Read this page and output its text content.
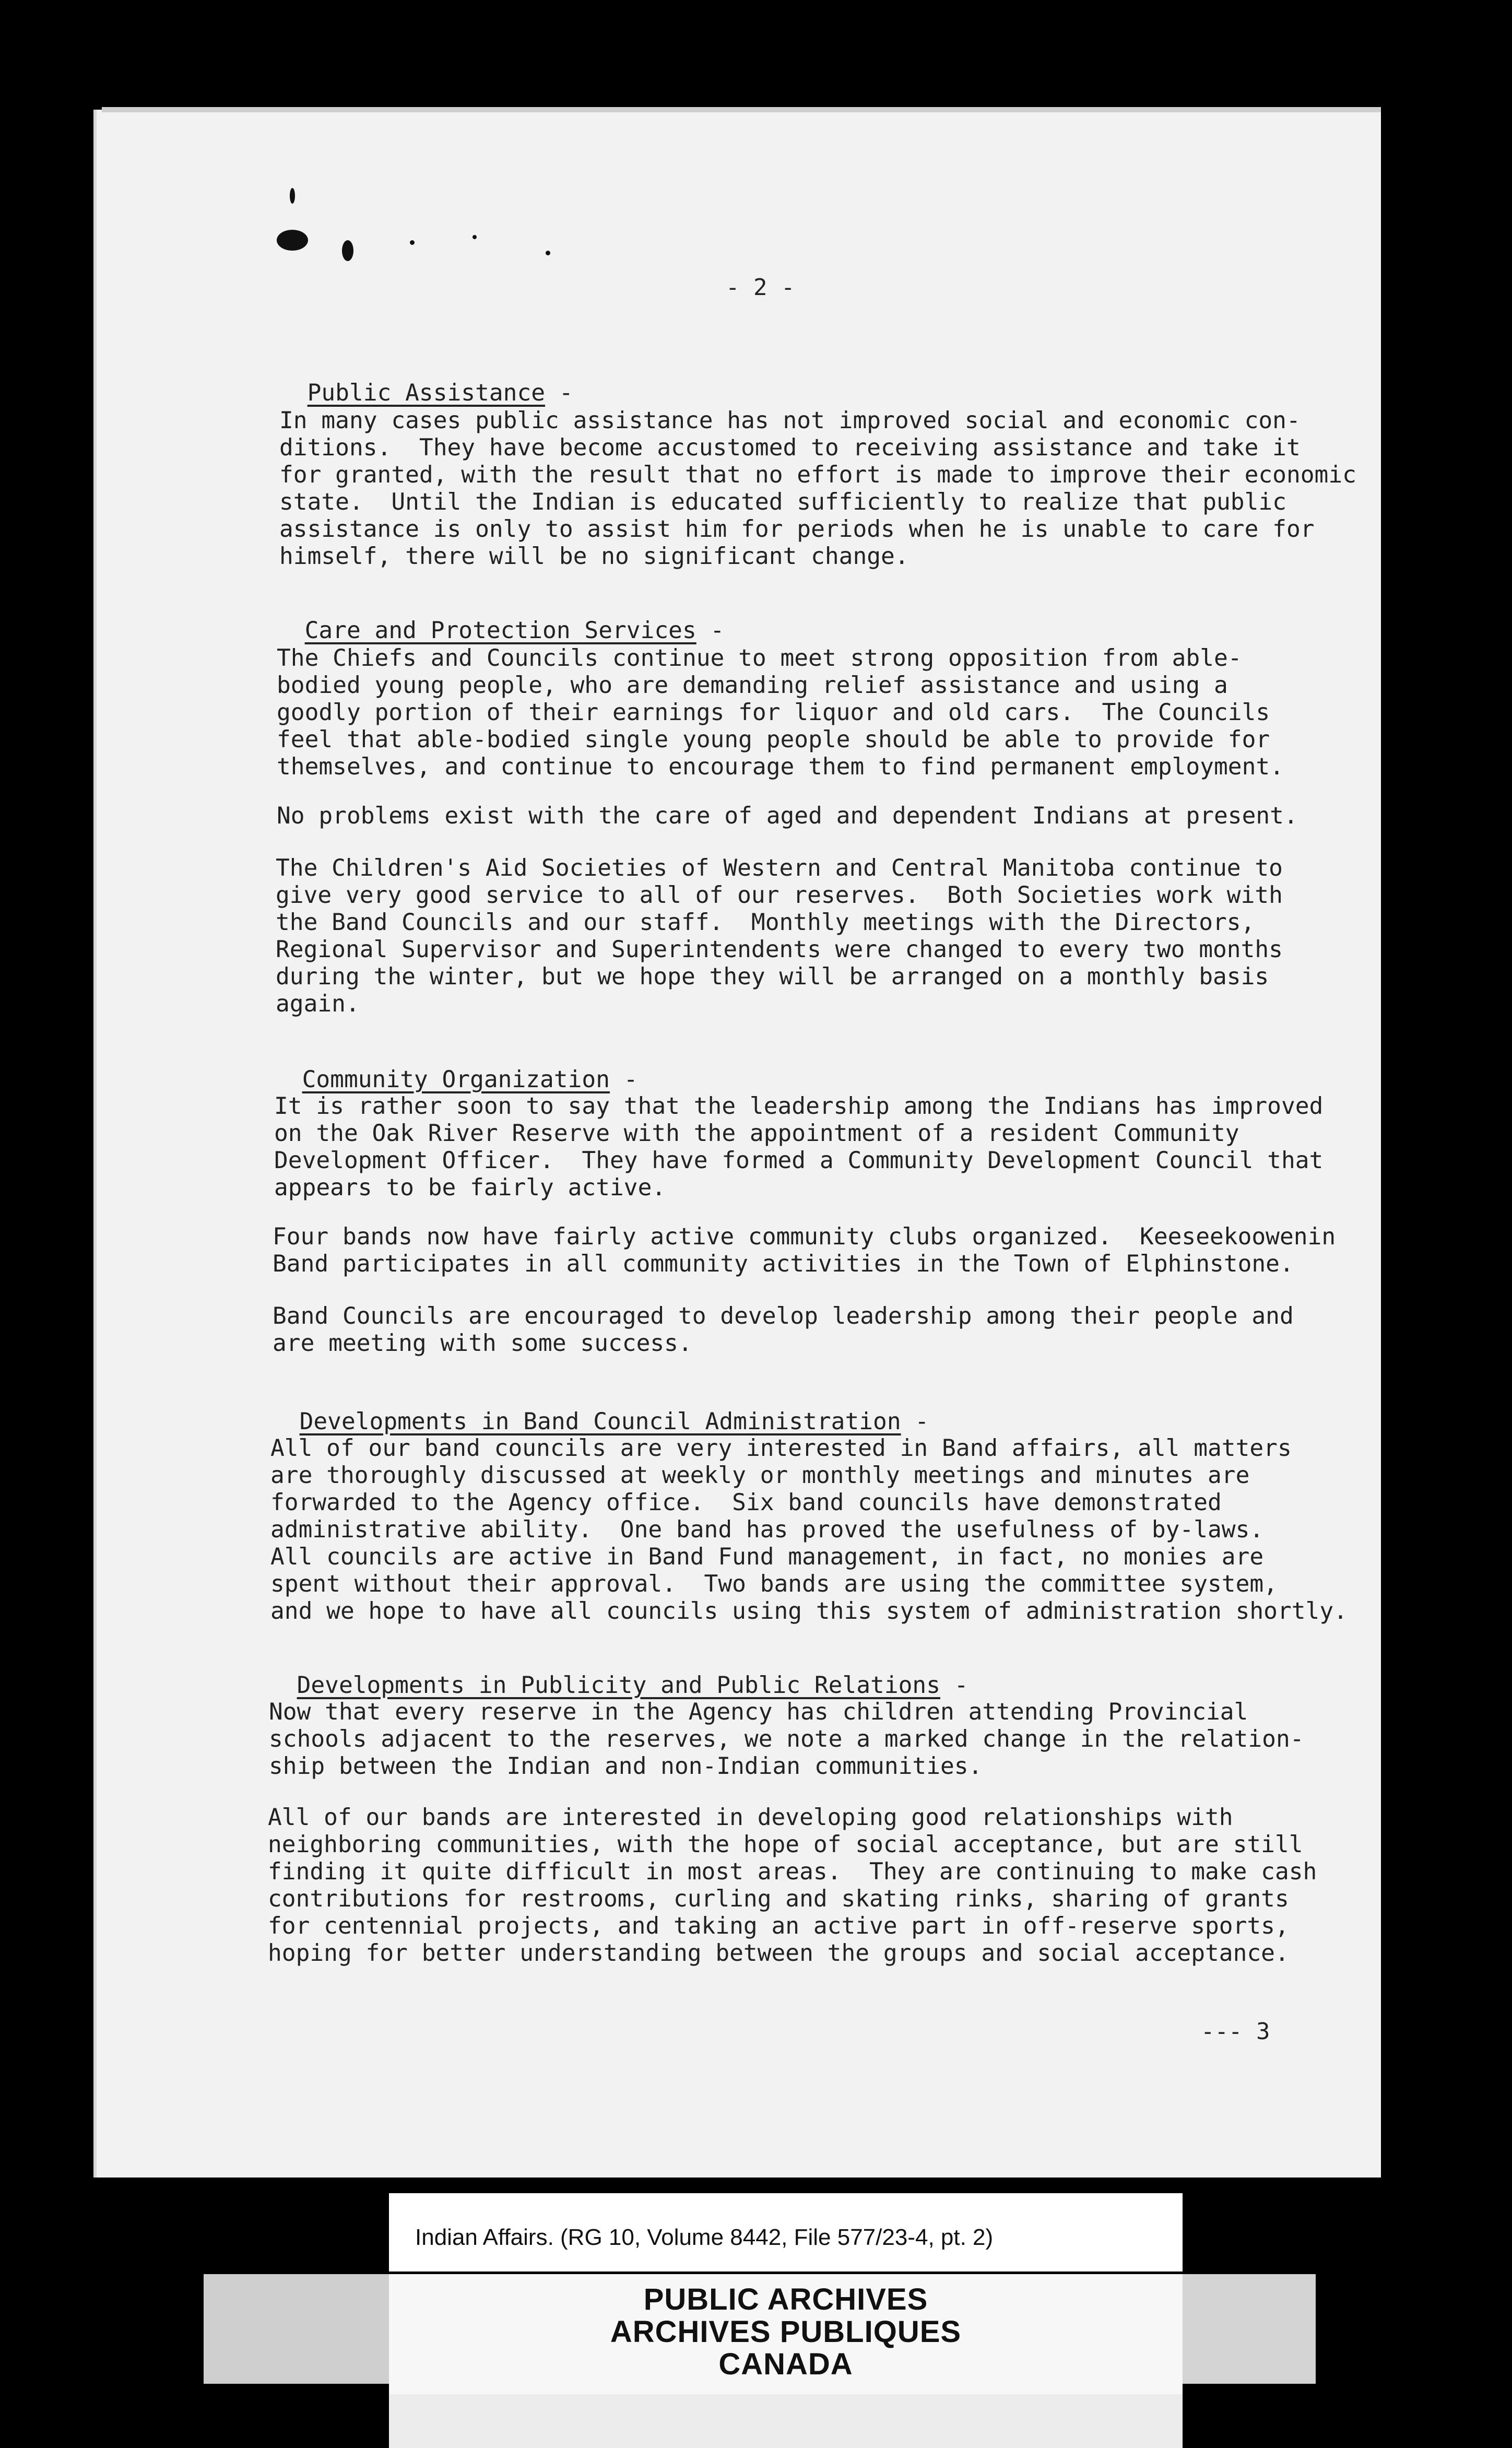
- 2 -

Public Assistance -

In many cases public assistance has not improved social and economic con-
ditions.  They have become accustomed to receiving assistance and take it
for granted, with the result that no effort is made to improve their economic
state.  Until the Indian is educated sufficiently to realize that public
assistance is only to assist him for periods when he is unable to care for
himself, there will be no significant change.

Care and Protection Services -

The Chiefs and Councils continue to meet strong opposition from able-
bodied young people, who are demanding relief assistance and using a
goodly portion of their earnings for liquor and old cars.  The Councils
feel that able-bodied single young people should be able to provide for
themselves, and continue to encourage them to find permanent employment.
No problems exist with the care of aged and dependent Indians at present.
The Children's Aid Societies of Western and Central Manitoba continue to
give very good service to all of our reserves.  Both Societies work with
the Band Councils and our staff.  Monthly meetings with the Directors,
Regional Supervisor and Superintendents were changed to every two months
during the winter, but we hope they will be arranged on a monthly basis
again.

Community Organization -

It is rather soon to say that the leadership among the Indians has improved
on the Oak River Reserve with the appointment of a resident Community
Development Officer.  They have formed a Community Development Council that
appears to be fairly active.
Four bands now have fairly active community clubs organized.  Keeseekoowenin
Band participates in all community activities in the Town of Elphinstone.
Band Councils are encouraged to develop leadership among their people and
are meeting with some success.

Developments in Band Council Administration -

All of our band councils are very interested in Band affairs, all matters
are thoroughly discussed at weekly or monthly meetings and minutes are
forwarded to the Agency office.  Six band councils have demonstrated
administrative ability.  One band has proved the usefulness of by-laws.
All councils are active in Band Fund management, in fact, no monies are
spent without their approval.  Two bands are using the committee system,
and we hope to have all councils using this system of administration shortly.

Developments in Publicity and Public Relations -

Now that every reserve in the Agency has children attending Provincial
schools adjacent to the reserves, we note a marked change in the relation-
ship between the Indian and non-Indian communities.
All of our bands are interested in developing good relationships with
neighboring communities, with the hope of social acceptance, but are still
finding it quite difficult in most areas.  They are continuing to make cash
contributions for restrooms, curling and skating rinks, sharing of grants
for centennial projects, and taking an active part in off-reserve sports,
hoping for better understanding between the groups and social acceptance.
--- 3
Indian Affairs. (RG 10, Volume 8442, File 577/23-4, pt. 2)
PUBLIC ARCHIVES
ARCHIVES PUBLIQUES
CANADA
